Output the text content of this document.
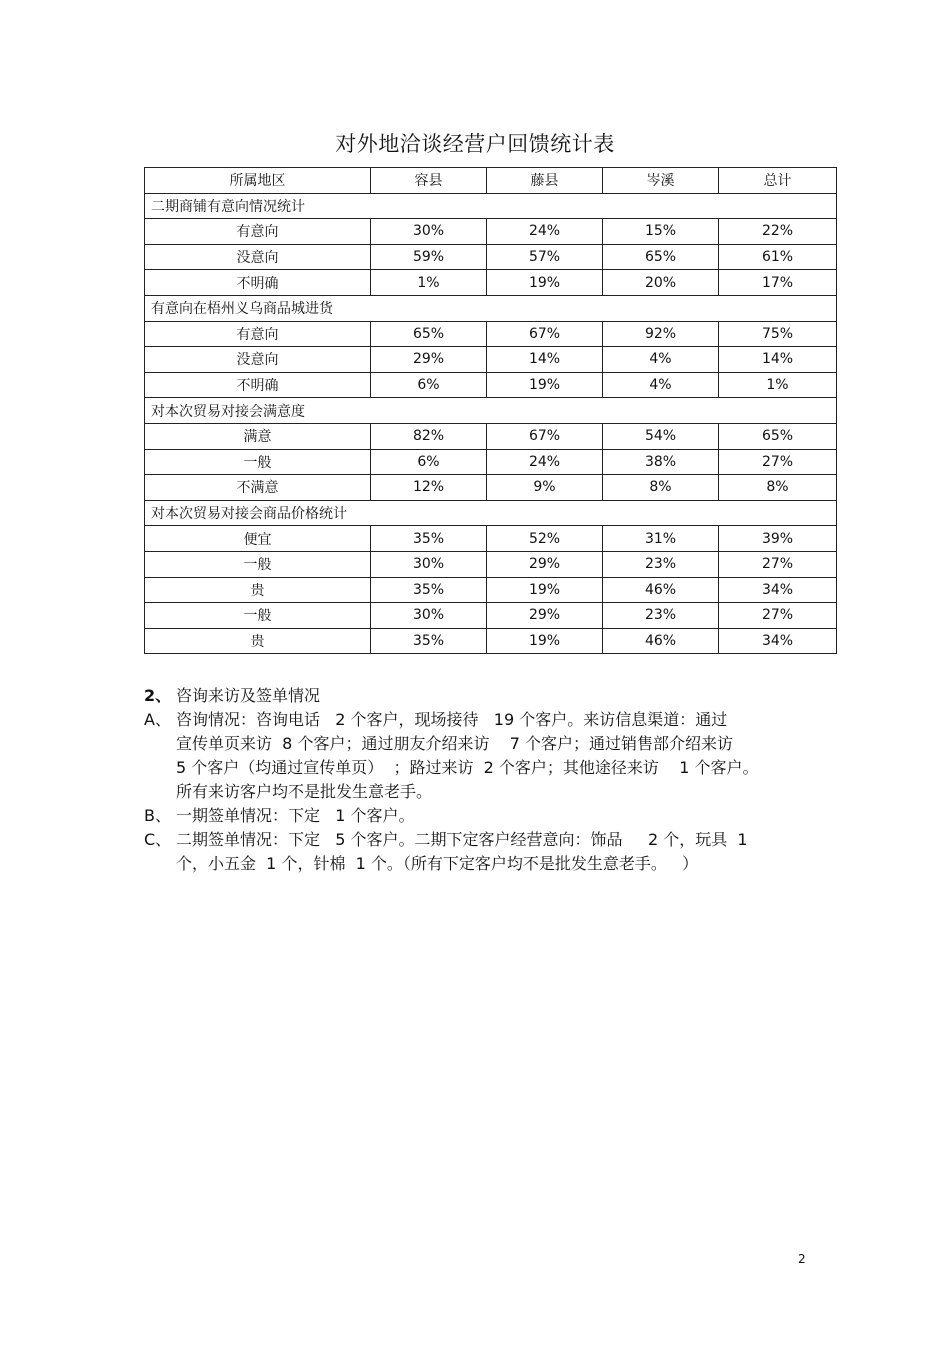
对外地洽谈经营户回馈统计表
所属地区	容县	藤县	岑溪	总计
二期商铺有意向情况统计				
有意向	30%	24%	15%	22%
没意向	59%	57%	65%	61%
不明确	1%	19%	20%	17%
有意向在梧州义乌商品城进货				
有意向	65%	67%	92%	75%
没意向	29%	14%	4%	14%
不明确	6%	19%	4%	1%
对本次贸易对接会满意度				
满意	82%	67%	54%	65%
一般	6%	24%	38%	27%
不满意	12%	9%	8%	8%
对本次贸易对接会商品价格统计				
便宜	35%	52%	31%	39%
一般	30%	29%	23%	27%
贵	35%	19%	46%	34%
一般	30%	29%	23%	27%
贵	35%	19%	46%	34%
2、 咨询来访及签单情况
A、 咨询情况：咨询电话   2 个客户，现场接待   19 个客户。来访信息渠道：通过
宣传单页来访  8 个客户；通过朋友介绍来访    7 个客户；通过销售部介绍来访
5 个客户（均通过宣传单页）  ；路过来访  2 个客户；其他途径来访    1 个客户。
所有来访客户均不是批发生意老手。
B、 一期签单情况：下定   1 个客户。
C、 二期签单情况：下定   5 个客户。二期下定客户经营意向：饰品     2 个，玩具  1
个，小五金  1 个，针棉  1 个。（所有下定客户均不是批发生意老手。   ）
2
